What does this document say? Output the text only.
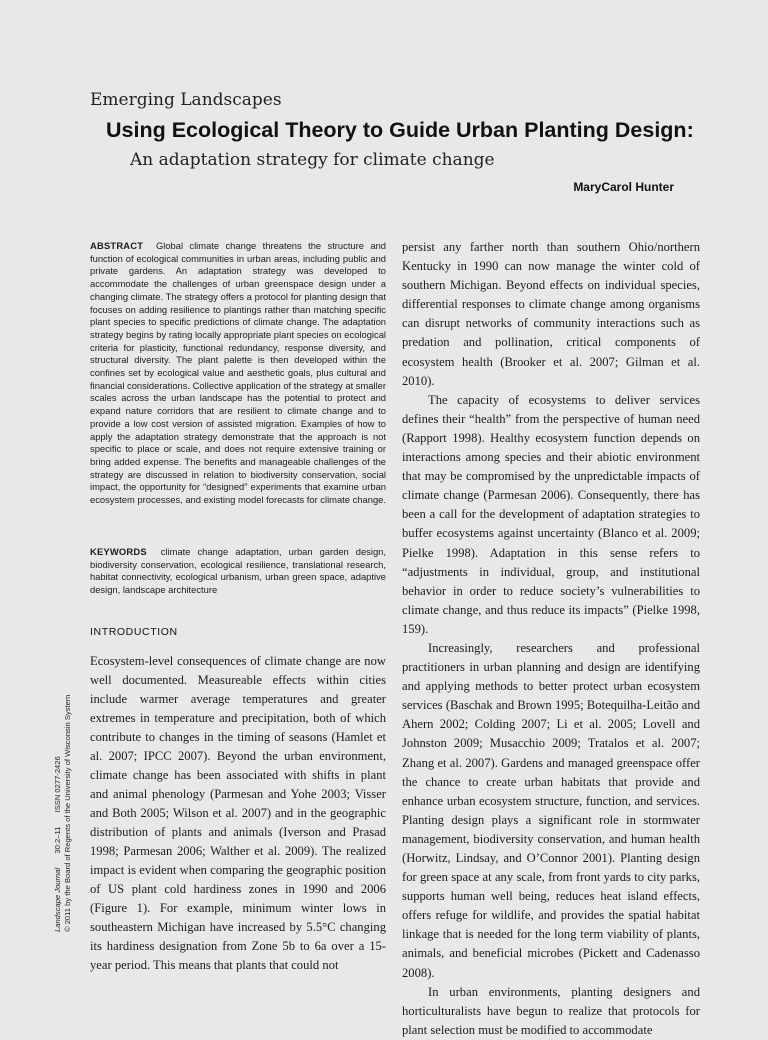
Emerging Landscapes
Using Ecological Theory to Guide Urban Planting Design:
An adaptation strategy for climate change
MaryCarol Hunter
ABSTRACT Global climate change threatens the structure and function of ecological communities in urban areas, including public and private gardens. An adaptation strategy was developed to accommodate the challenges of urban greenspace design under a changing climate. The strategy offers a protocol for planting design that focuses on adding resilience to plantings rather than matching specific plant species to specific predictions of climate change. The adaptation strategy begins by rating locally appropriate plant species on ecological criteria for plasticity, functional redundancy, response diversity, and structural diversity. The plant palette is then developed within the confines set by ecological value and aesthetic goals, plus cultural and financial considerations. Collective application of the strategy at smaller scales across the urban landscape has the potential to protect and expand nature corridors that are resilient to climate change and to provide a low cost version of assisted migration. Examples of how to apply the adaptation strategy demonstrate that the approach is not specific to place or scale, and does not require extensive training or bring added expense. The benefits and manageable challenges of the strategy are discussed in relation to biodiversity conservation, social impact, the opportunity for “designed” experiments that examine urban ecosystem processes, and existing model forecasts for climate change.
KEYWORDS climate change adaptation, urban garden design, biodiversity conservation, ecological resilience, translational research, habitat connectivity, ecological urbanism, urban green space, adaptive design, landscape architecture
INTRODUCTION

Ecosystem-level consequences of climate change are now well documented. Measureable effects within cities include warmer average temperatures and greater extremes in temperature and precipitation, both of which contribute to changes in the timing of seasons (Hamlet et al. 2007; IPCC 2007). Beyond the urban environment, climate change has been associated with shifts in plant and animal phenology (Parmesan and Yohe 2003; Visser and Both 2005; Wilson et al. 2007) and in the geographic distribution of plants and animals (Iverson and Prasad 1998; Parmesan 2006; Walther et al. 2009). The realized impact is evident when comparing the geographic position of US plant cold hardiness zones in 1990 and 2006 (Figure 1). For example, minimum winter lows in southeastern Michigan have increased by 5.5°C changing its hardiness designation from Zone 5b to 6a over a 15-year period. This means that plants that could not

persist any farther north than southern Ohio/northern Kentucky in 1990 can now manage the winter cold of southern Michigan. Beyond effects on individual species, differential responses to climate change among organisms can disrupt networks of community interactions such as predation and pollination, critical components of ecosystem health (Brooker et al. 2007; Gilman et al. 2010).

The capacity of ecosystems to deliver services defines their “health” from the perspective of human need (Rapport 1998). Healthy ecosystem function depends on interactions among species and their abiotic environment that may be compromised by the unpredictable impacts of climate change (Parmesan 2006). Consequently, there has been a call for the development of adaptation strategies to buffer ecosystems against uncertainty (Blanco et al. 2009; Pielke 1998). Adaptation in this sense refers to “adjustments in individual, group, and institutional behavior in order to reduce society’s vulnerabilities to climate change, and thus reduce its impacts” (Pielke 1998, 159).

Increasingly, researchers and professional practitioners in urban planning and design are identifying and applying methods to better protect urban ecosystem services (Baschak and Brown 1995; Botequilha-Leitão and Ahern 2002; Colding 2007; Li et al. 2005; Lovell and Johnston 2009; Musacchio 2009; Tratalos et al. 2007; Zhang et al. 2007). Gardens and managed greenspace offer the chance to create urban habitats that provide and enhance urban ecosystem structure, function, and services. Planting design plays a significant role in stormwater management, biodiversity conservation, and human health (Horwitz, Lindsay, and O’Connor 2001). Planting design for green space at any scale, from front yards to city parks, supports human well being, reduces heat island effects, offers refuge for wildlife, and provides the spatial habitat linkage that is needed for the long term viability of plants, animals, and beneficial microbes (Pickett and Cadenasso 2008).

In urban environments, planting designers and horticulturalists have begun to realize that protocols for plant selection must be modified to accommodate

Landscape Journal  30:2–11  ISSN 0277-2426 © 2011 by the Board of Regents of the University of Wisconsin System
